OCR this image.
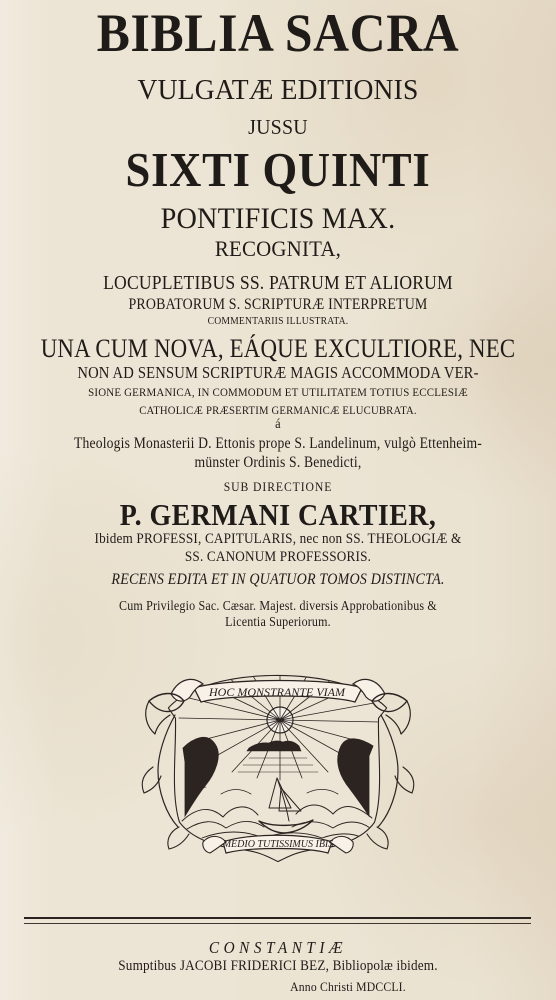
BIBLIA SACRA
VULGATÆ EDITIONIS
JUSSU
SIXTI QUINTI
PONTIFICIS MAX.
RECOGNITA,
LOCUPLETIBUS SS. PATRUM ET ALIORUM
PROBATORUM S. SCRIPTURÆ INTERPRETUM
COMMENTARIIS ILLUSTRATA.
UNA CUM NOVA, EÁQUE EXCULTIORE, NEC
NON AD SENSUM SCRIPTURÆ MAGIS ACCOMMODA VER-
SIONE GERMANICA, IN COMMODUM ET UTILITATEM TOTIUS ECCLESIÆ
CATHOLICÆ PRÆSERTIM GERMANICÆ ELUCUBRATA.
á
Theologis Monasterii D. Ettonis prope S. Landelinum, vulgò Ettenheim-
münster Ordinis S. Benedicti,
SUB DIRECTIONE
P. GERMANI CARTIER,
Ibidem PROFESSI, CAPITULARIS, nec non SS. THEOLOGIÆ &
SS. CANONUM PROFESSORIS.
RECENS EDITA ET IN QUATUOR TOMOS DISTINCTA.
Cum Privilegio Sac. Cæsar. Majest. diversis Approbationibus &
Licentia Superiorum.
HOC MONSTRANTE VIAM
MEDIO TUTISSIMUS IBIS
CONSTANTIÆ
Sumptibus JACOBI FRIDERICI BEZ, Bibliopolæ ibidem.
Anno Christi MDCCLI.
